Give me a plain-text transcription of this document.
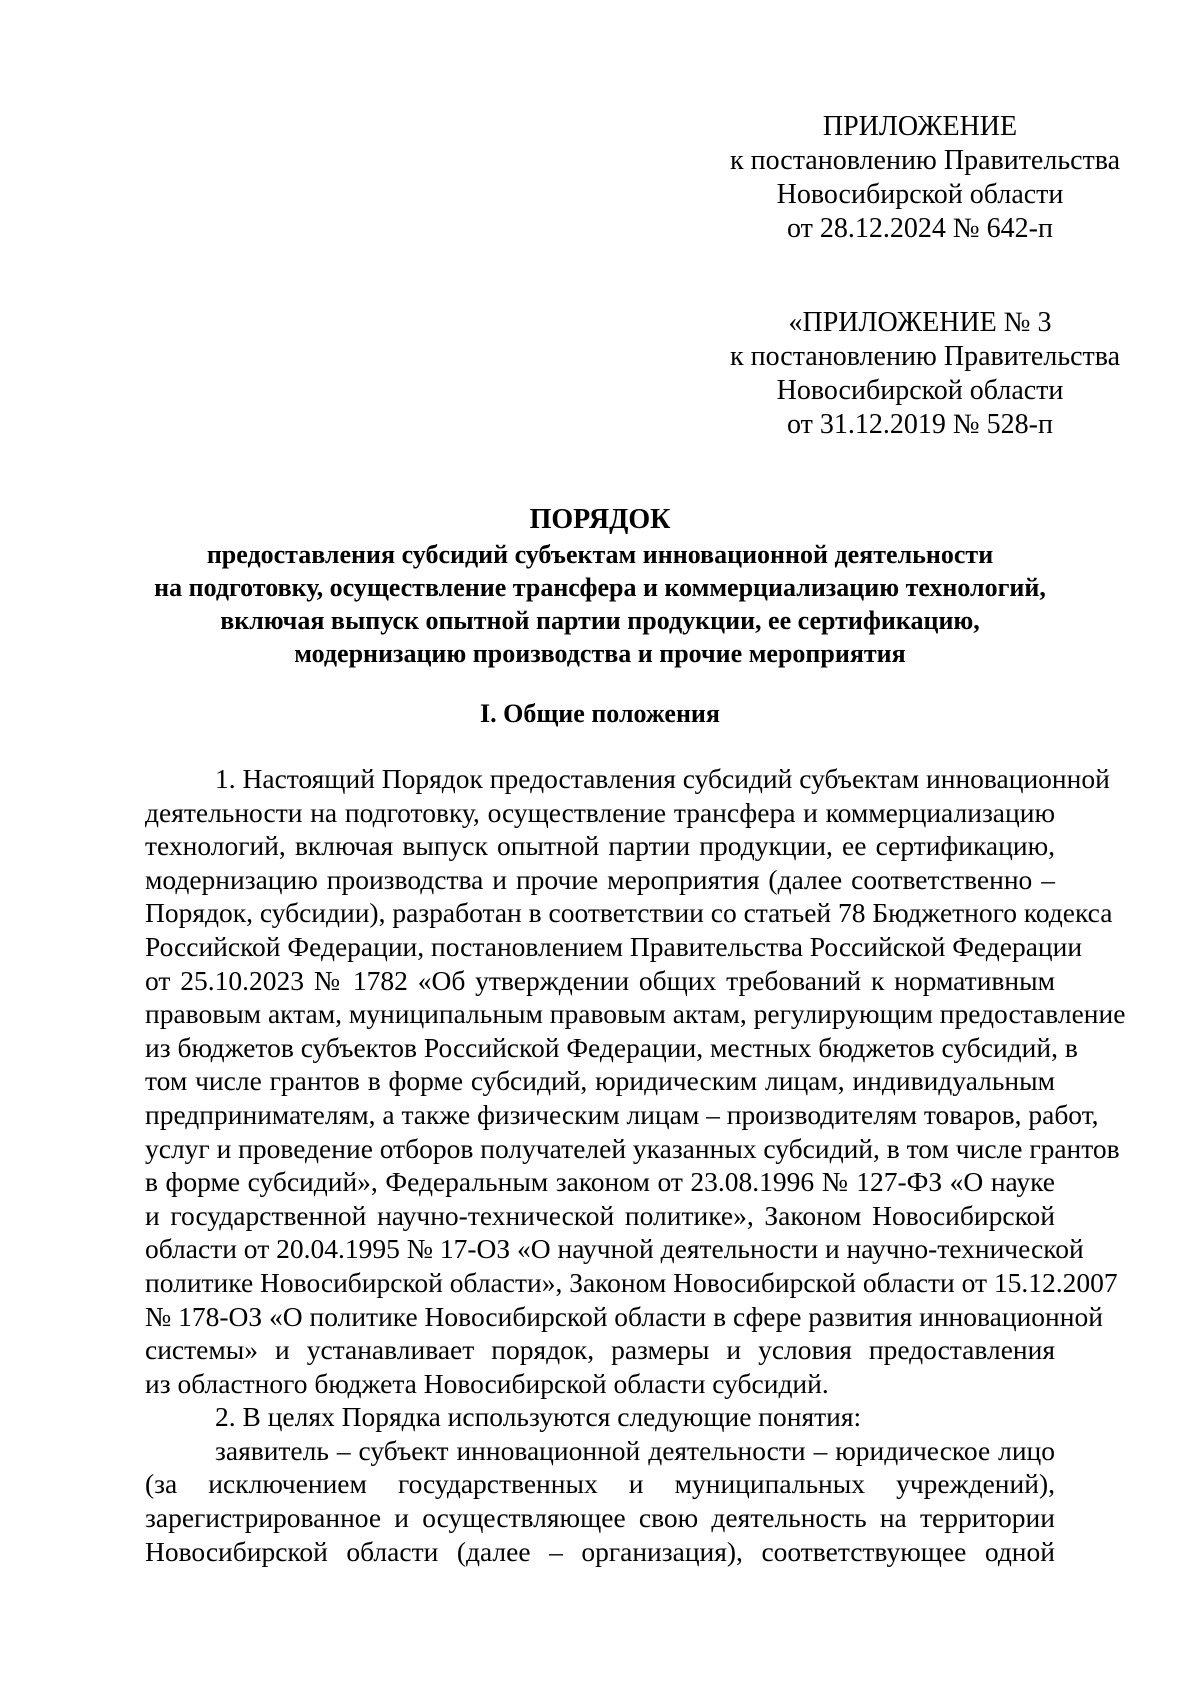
ПРИЛОЖЕНИЕ
к постановлению Правительства
Новосибирской области
от 28.12.2024 № 642-п
«ПРИЛОЖЕНИЕ № 3
к постановлению Правительства
Новосибирской области
от 31.12.2019 № 528-п
ПОРЯДОК
предоставления субсидий субъектам инновационной деятельности
на подготовку, осуществление трансфера и коммерциализацию технологий,
включая выпуск опытной партии продукции, ее сертификацию,
модернизацию производства и прочие мероприятия
I. Общие положения
1. Настоящий Порядок предоставления субсидий субъектам инновационной
деятельности на подготовку, осуществление трансфера и коммерциализацию
технологий, включая выпуск опытной партии продукции, ее сертификацию,
модернизацию производства и прочие мероприятия (далее соответственно –
Порядок, субсидии), разработан в соответствии со статьей 78 Бюджетного кодекса
Российской Федерации, постановлением Правительства Российской Федерации
от 25.10.2023 № 1782 «Об утверждении общих требований к нормативным
правовым актам, муниципальным правовым актам, регулирующим предоставление
из бюджетов субъектов Российской Федерации, местных бюджетов субсидий, в
том числе грантов в форме субсидий, юридическим лицам, индивидуальным
предпринимателям, а также физическим лицам – производителям товаров, работ,
услуг и проведение отборов получателей указанных субсидий, в том числе грантов
в форме субсидий», Федеральным законом от 23.08.1996 № 127-ФЗ «О науке
и государственной научно-технической политике», Законом Новосибирской
области от 20.04.1995 № 17-ОЗ «О научной деятельности и научно-технической
политике Новосибирской области», Законом Новосибирской области от 15.12.2007
№ 178-ОЗ «О политике Новосибирской области в сфере развития инновационной
системы» и устанавливает порядок, размеры и условия предоставления
из областного бюджета Новосибирской области субсидий.
2. В целях Порядка используются следующие понятия:
заявитель – субъект инновационной деятельности – юридическое лицо
(за исключением государственных и муниципальных учреждений),
зарегистрированное и осуществляющее свою деятельность на территории
Новосибирской области (далее – организация), соответствующее одной
